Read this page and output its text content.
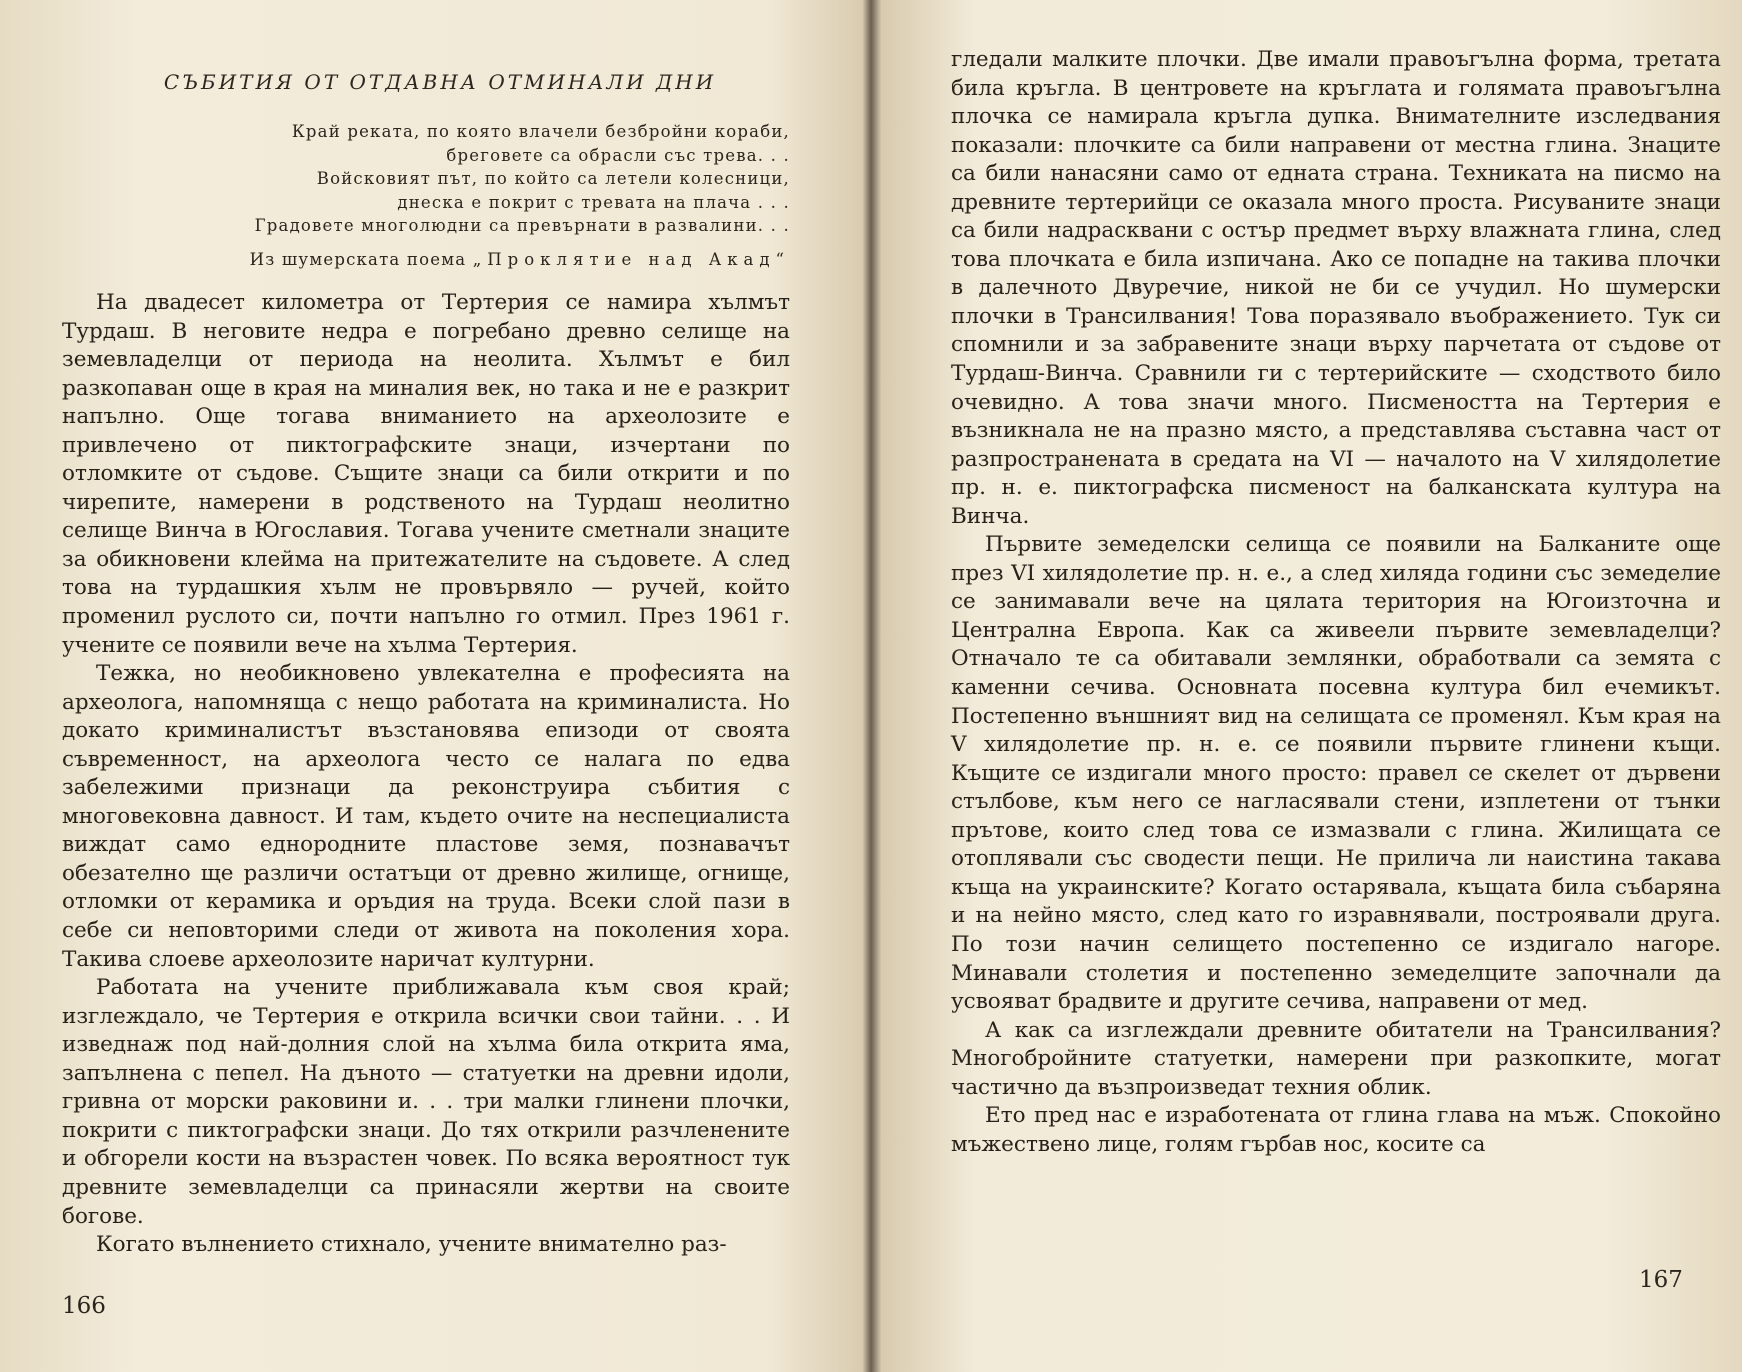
СЪБИТИЯ ОТ ОТДАВНА ОТМИНАЛИ ДНИ
Край реката, по която влачели безбройни кораби,
бреговете са обрасли със трева. . .
Войсковият път, по който са летели колесници,
днеска е покрит с тревата на плача . . .
Градовете многолюдни са превърнати в развалини. . .
Из шумерската поема „Проклятие над Акад“

На двадесет километра от Тертерия се намира хълмът Турдаш. В неговите недра е погребано древно селище на земевладелци от периода на неолита. Хълмът е бил разкопаван още в края на миналия век, но така и не е разкрит напълно. Още тогава вниманието на археолозите е привлечено от пиктографските знаци, изчертани по отломките от съдове. Същите знаци са били открити и по чирепите, намерени в родственото на Турдаш неолитно селище Винча в Югославия. Тогава учените сметнали знаците за обикновени клейма на притежателите на съдовете. А след това на турдашкия хълм не провървяло — ручей, който променил руслото си, почти напълно го отмил. През 1961 г. учените се появили вече на хълма Тертерия.

Тежка, но необикновено увлекателна е професията на археолога, напомняща с нещо работата на криминалиста. Но докато криминалистът възстановява епизоди от своята съвременност, на археолога често се налага по едва забележими признаци да реконструира събития с многовековна давност. И там, където очите на неспециалиста виждат само еднородните пластове земя, познавачът обезателно ще различи остатъци от древно жилище, огнище, отломки от керамика и оръдия на труда. Всеки слой пази в себе си неповторими следи от живота на поколения хора. Такива слоеве археолозите наричат културни.

Работата на учените приближавала към своя край; изглеждало, че Тертерия е открила всички свои тайни. . . И изведнаж под най-долния слой на хълма била открита яма, запълнена с пепел. На дъното — статуетки на древни идоли, гривна от морски раковини и. . . три малки глинени плочки, покрити с пиктографски знаци. До тях открили разчленените и обгорели кости на възрастен човек. По всяка вероятност тук древните земевладелци са принасяли жертви на своите богове.

Когато вълнението стихнало, учените внимателно раз-

166

гледали малките плочки. Две имали правоъгълна форма, третата била кръгла. В центровете на кръглата и голямата правоъгълна плочка се намирала кръгла дупка. Внимателните изследвания показали: плочките са били направени от местна глина. Знаците са били нанасяни само от едната страна. Техниката на писмо на древните тертерийци се оказала много проста. Рисуваните знаци са били надрасквани с остър предмет върху влажната глина, след това плочката е била изпичана. Ако се попадне на такива плочки в далечното Двуречие, никой не би се учудил. Но шумерски плочки в Трансилвания! Това поразявало въображението. Тук си спомнили и за забравените знаци върху парчетата от съдове от Турдаш-Винча. Сравнили ги с тертерийските — сходството било очевидно. А това значи много. Писмеността на Тертерия е възникнала не на празно място, а представлява съставна част от разпространената в средата на VI — началото на V хилядолетие пр. н. е. пиктографска писменост на балканската култура на Винча.

Първите земеделски селища се появили на Балканите още през VI хилядолетие пр. н. е., а след хиляда години със земеделие се занимавали вече на цялата територия на Югоизточна и Централна Европа. Как са живеели първите земевладелци? Отначало те са обитавали землянки, обработвали са земята с каменни сечива. Основната посевна култура бил ечемикът. Постепенно външният вид на селищата се променял. Към края на V хилядолетие пр. н. е. се появили първите глинени къщи. Къщите се издигали много просто: правел се скелет от дървени стълбове, към него се нагласявали стени, изплетени от тънки прътове, които след това се измазвали с глина. Жилищата се отоплявали със сводести пещи. Не прилича ли наистина такава къща на украинските? Когато остарявала, къщата била събаряна и на нейно място, след като го изравнявали, построявали друга. По този начин селището постепенно се издигало нагоре. Минавали столетия и постепенно земеделците започнали да усвояват брадвите и другите сечива, направени от мед.

А как са изглеждали древните обитатели на Трансилвания? Многобройните статуетки, намерени при разкопките, могат частично да възпроизведат техния облик.

Ето пред нас е изработената от глина глава на мъж. Спокойно мъжествено лице, голям гърбав нос, косите са

167
